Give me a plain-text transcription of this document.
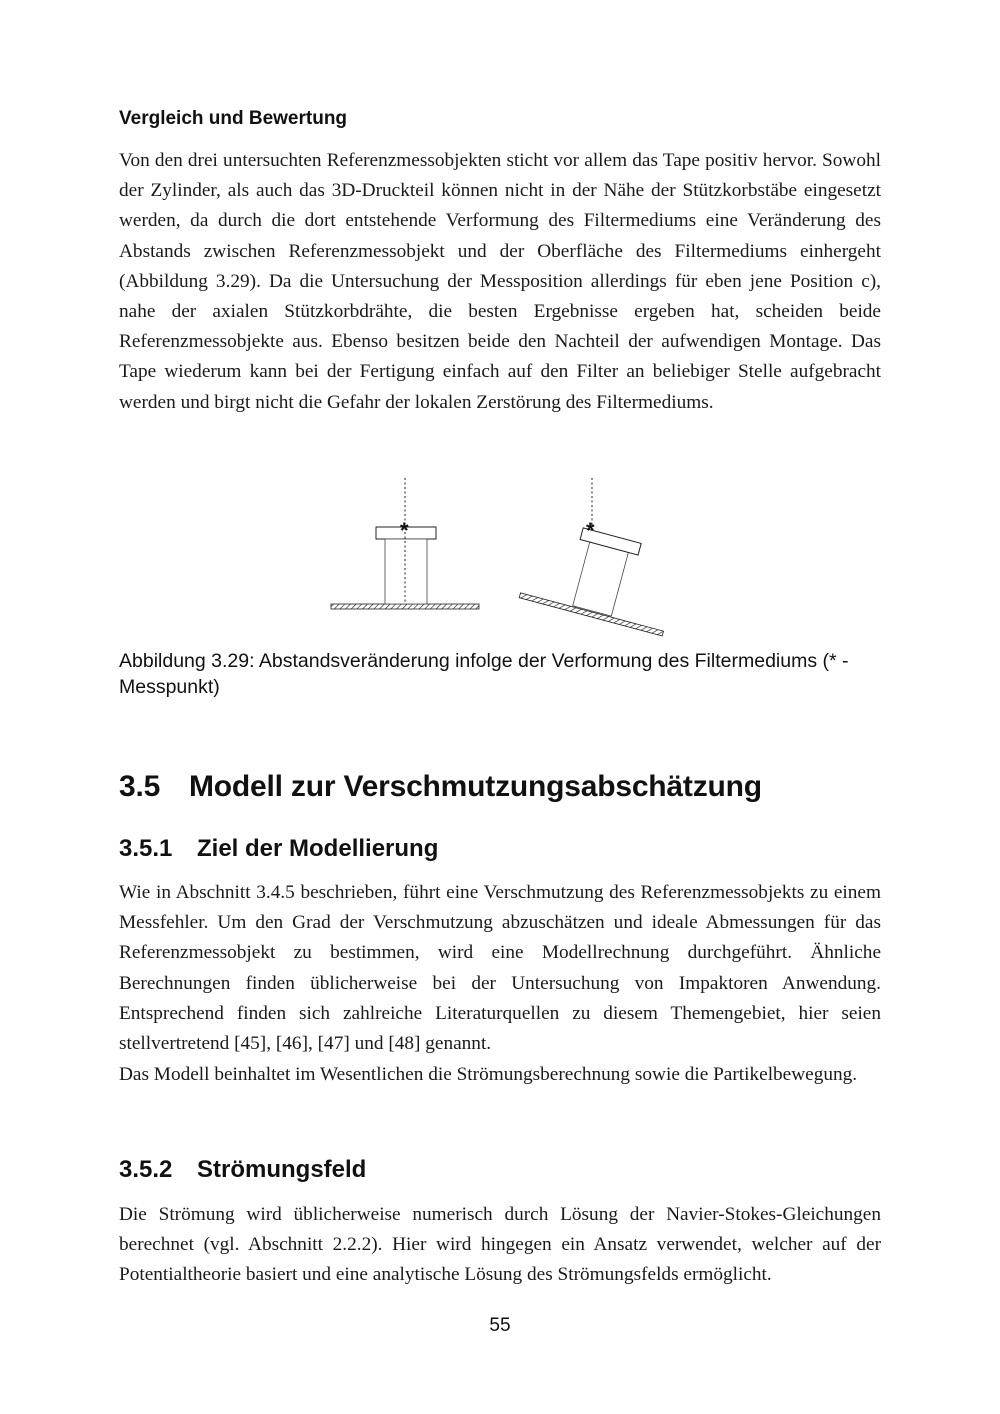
Vergleich und Bewertung

Von den drei untersuchten Referenzmessobjekten sticht vor allem das Tape positiv hervor. Sowohl der Zylinder, als auch das 3D-Druckteil können nicht in der Nähe der Stützkorbstäbe eingesetzt werden, da durch die dort entstehende Verformung des Filtermediums eine Veränderung des Abstands zwischen Referenzmessobjekt und der Oberfläche des Filtermediums einhergeht (Abbildung 3.29). Da die Untersuchung der Messposition allerdings für eben jene Position c), nahe der axialen Stützkorbdrähte, die besten Ergebnisse ergeben hat, scheiden beide Referenzmessobjekte aus. Ebenso besitzen beide den Nachteil der aufwendigen Montage. Das Tape wiederum kann bei der Fertigung einfach auf den Filter an beliebiger Stelle aufgebracht werden und birgt nicht die Gefahr der lokalen Zerstörung des Filtermediums.

*	*

Abbildung 3.29: Abstandsveränderung infolge der Verformung des Filtermediums (* - Messpunkt)

3.5 Modell zur Verschmutzungsabschätzung
3.5.1 Ziel der Modellierung

Wie in Abschnitt 3.4.5 beschrieben, führt eine Verschmutzung des Referenzmessobjekts zu einem Messfehler. Um den Grad der Verschmutzung abzuschätzen und ideale Abmessungen für das Referenzmessobjekt zu bestimmen, wird eine Modellrechnung durchgeführt. Ähnliche Berechnungen finden üblicherweise bei der Untersuchung von Impaktoren Anwendung. Entsprechend finden sich zahlreiche Literaturquellen zu diesem Themengebiet, hier seien stellvertretend [45], [46], [47] und [48] genannt.

Das Modell beinhaltet im Wesentlichen die Strömungsberechnung sowie die Partikelbewegung.

3.5.2 Strömungsfeld

Die Strömung wird üblicherweise numerisch durch Lösung der Navier-Stokes-Gleichungen berechnet (vgl. Abschnitt 2.2.2). Hier wird hingegen ein Ansatz verwendet, welcher auf der Potentialtheorie basiert und eine analytische Lösung des Strömungsfelds ermöglicht.

55
